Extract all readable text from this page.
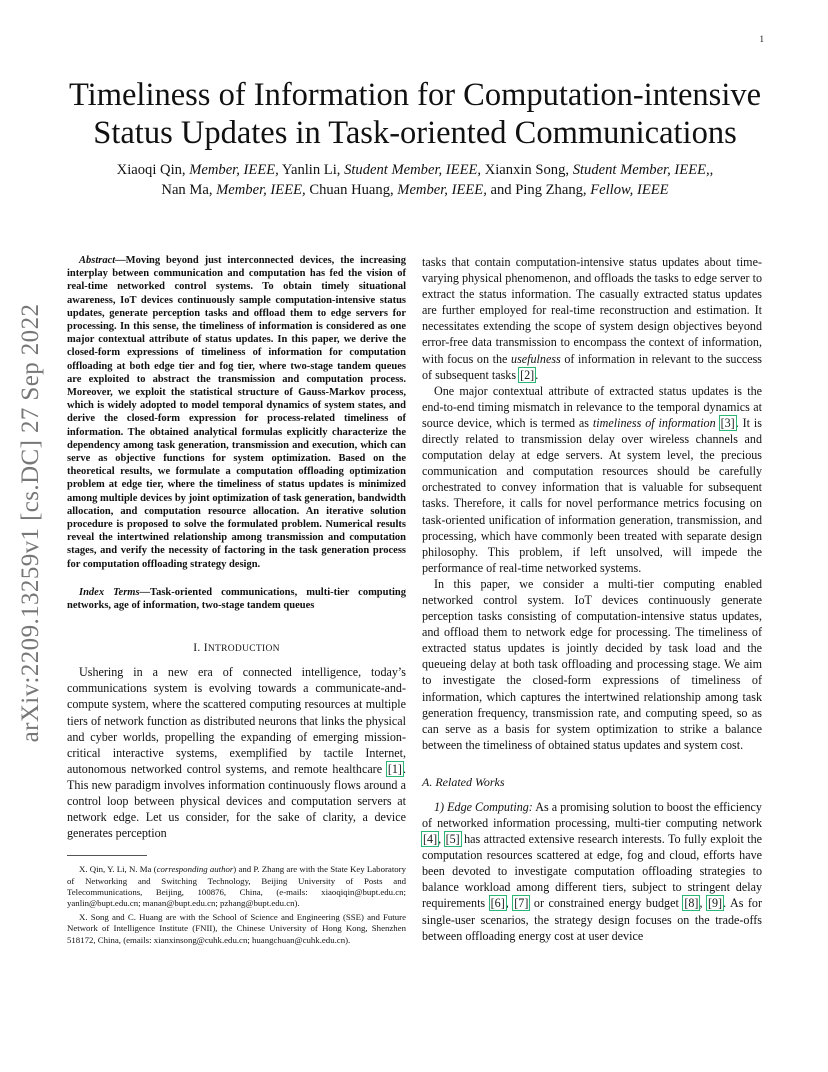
1
arXiv:2209.13259v1 [cs.DC] 27 Sep 2022
Timeliness of Information for Computation-intensive Status Updates in Task-oriented Communications
Xiaoqi Qin, Member, IEEE, Yanlin Li, Student Member, IEEE, Xianxin Song, Student Member, IEEE,,
Nan Ma, Member, IEEE, Chuan Huang, Member, IEEE, and Ping Zhang, Fellow, IEEE

Abstract—Moving beyond just interconnected devices, the increasing interplay between communication and computation has fed the vision of real-time networked control systems. To obtain timely situational awareness, IoT devices continuously sample computation-intensive status updates, generate perception tasks and offload them to edge servers for processing. In this sense, the timeliness of information is considered as one major contextual attribute of status updates. In this paper, we derive the closed-form expressions of timeliness of information for computation offloading at both edge tier and fog tier, where two-stage tandem queues are exploited to abstract the transmission and computation process. Moreover, we exploit the statistical structure of Gauss-Markov process, which is widely adopted to model temporal dynamics of system states, and derive the closed-form expression for process-related timeliness of information. The obtained analytical formulas explicitly characterize the dependency among task generation, transmission and execution, which can serve as objective functions for system optimization. Based on the theoretical results, we formulate a computation offloading optimization problem at edge tier, where the timeliness of status updates is minimized among multiple devices by joint optimization of task generation, bandwidth allocation, and computation resource allocation. An iterative solution procedure is proposed to solve the formulated problem. Numerical results reveal the intertwined relationship among transmission and computation stages, and verify the necessity of factoring in the task generation process for computation offloading strategy design.

Index Terms—Task-oriented communications, multi-tier computing networks, age of information, two-stage tandem queues

I. INTRODUCTION

Ushering in a new era of connected intelligence, today’s communications system is evolving towards a communicate-and-compute system, where the scattered computing resources at multiple tiers of network function as distributed neurons that links the physical and cyber worlds, propelling the expanding of emerging mission-critical interactive systems, exemplified by tactile Internet, autonomous networked control systems, and remote healthcare [1]. This new paradigm involves information continuously flows around a control loop between physical devices and computation servers at network edge. Let us consider, for the sake of clarity, a device generates perception

X. Qin, Y. Li, N. Ma (corresponding author) and P. Zhang are with the State Key Laboratory of Networking and Switching Technology, Beijing University of Posts and Telecommunications, Beijing, 100876, China, (e-mails: xiaoqiqin@bupt.edu.cn; yanlin@bupt.edu.cn; manan@bupt.edu.cn; pzhang@bupt.edu.cn).

X. Song and C. Huang are with the School of Science and Engineering (SSE) and Future Network of Intelligence Institute (FNII), the Chinese University of Hong Kong, Shenzhen 518172, China, (emails: xianxinsong@cuhk.edu.cn; huangchuan@cuhk.edu.cn).

tasks that contain computation-intensive status updates about time-varying physical phenomenon, and offloads the tasks to edge server to extract the status information. The casually extracted status updates are further employed for real-time reconstruction and estimation. It necessitates extending the scope of system design objectives beyond error-free data transmission to encompass the context of information, with focus on the usefulness of information in relevant to the success of subsequent tasks [2].

One major contextual attribute of extracted status updates is the end-to-end timing mismatch in relevance to the temporal dynamics at source device, which is termed as timeliness of information [3]. It is directly related to transmission delay over wireless channels and computation delay at edge servers. At system level, the precious communication and computation resources should be carefully orchestrated to convey information that is valuable for subsequent tasks. Therefore, it calls for novel performance metrics focusing on task-oriented unification of information generation, transmission, and processing, which have commonly been treated with separate design philosophy. This problem, if left unsolved, will impede the performance of real-time networked systems.

In this paper, we consider a multi-tier computing enabled networked control system. IoT devices continuously generate perception tasks consisting of computation-intensive status updates, and offload them to network edge for processing. The timeliness of extracted status updates is jointly decided by task load and the queueing delay at both task offloading and processing stage. We aim to investigate the closed-form expressions of timeliness of information, which captures the intertwined relationship among task generation frequency, transmission rate, and computing speed, so as can serve as a basis for system optimization to strike a balance between the timeliness of obtained status updates and system cost.

A. Related Works

1) Edge Computing: As a promising solution to boost the efficiency of networked information processing, multi-tier computing network [4], [5] has attracted extensive research interests. To fully exploit the computation resources scattered at edge, fog and cloud, efforts have been devoted to investigate computation offloading strategies to balance workload among different tiers, subject to stringent delay requirements [6], [7] or constrained energy budget [8], [9]. As for single-user scenarios, the strategy design focuses on the trade-offs between offloading energy cost at user device
